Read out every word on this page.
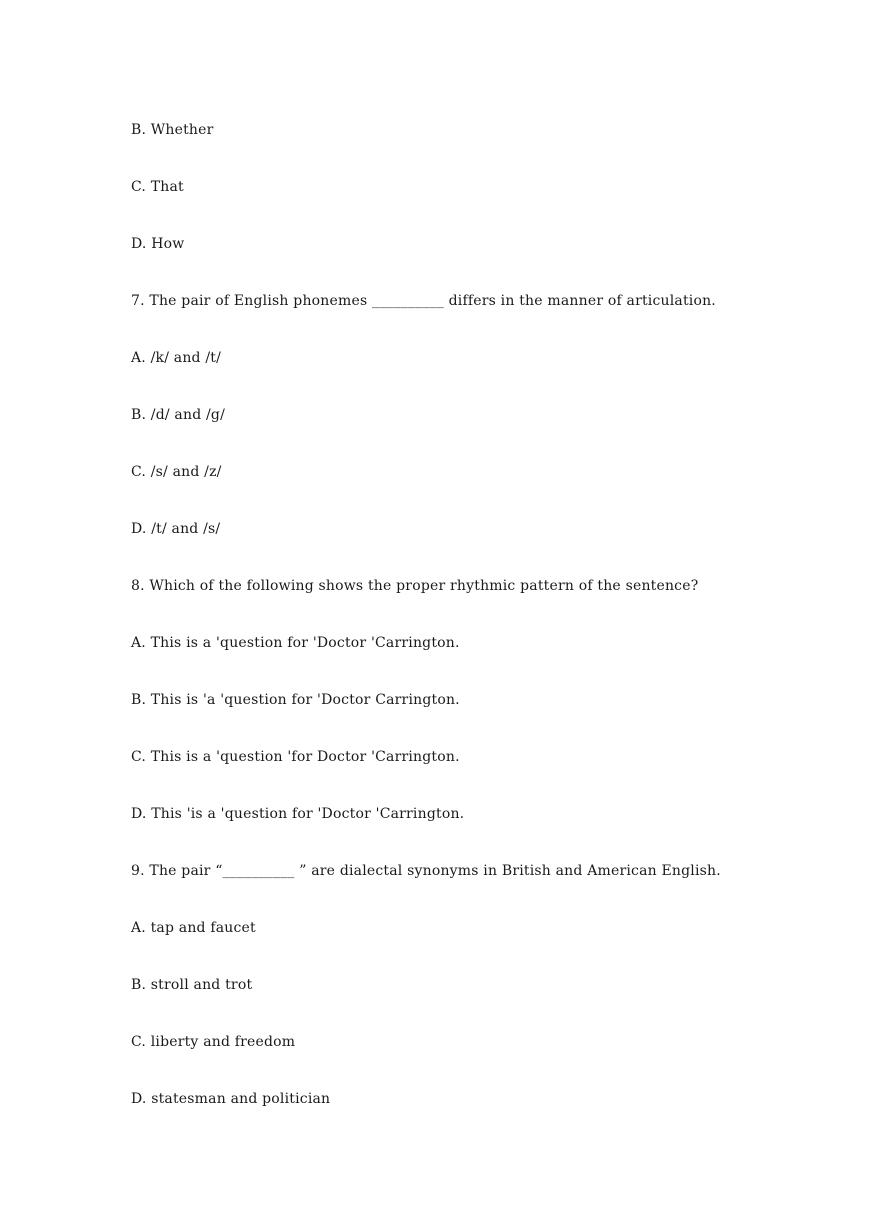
B. Whether
C. That
D. How
7. The pair of English phonemes __________ differs in the manner of articulation.
A. /k/ and /t/
B. /d/ and /g/
C. /s/ and /z/
D. /t/ and /s/
8. Which of the following shows the proper rhythmic pattern of the sentence?
A. This is a 'question for 'Doctor 'Carrington.
B. This is 'a 'question for 'Doctor Carrington.
C. This is a 'question 'for Doctor 'Carrington.
D. This 'is a 'question for 'Doctor 'Carrington.
9. The pair “__________ ” are dialectal synonyms in British and American English.
A. tap and faucet
B. stroll and trot
C. liberty and freedom
D. statesman and politician
